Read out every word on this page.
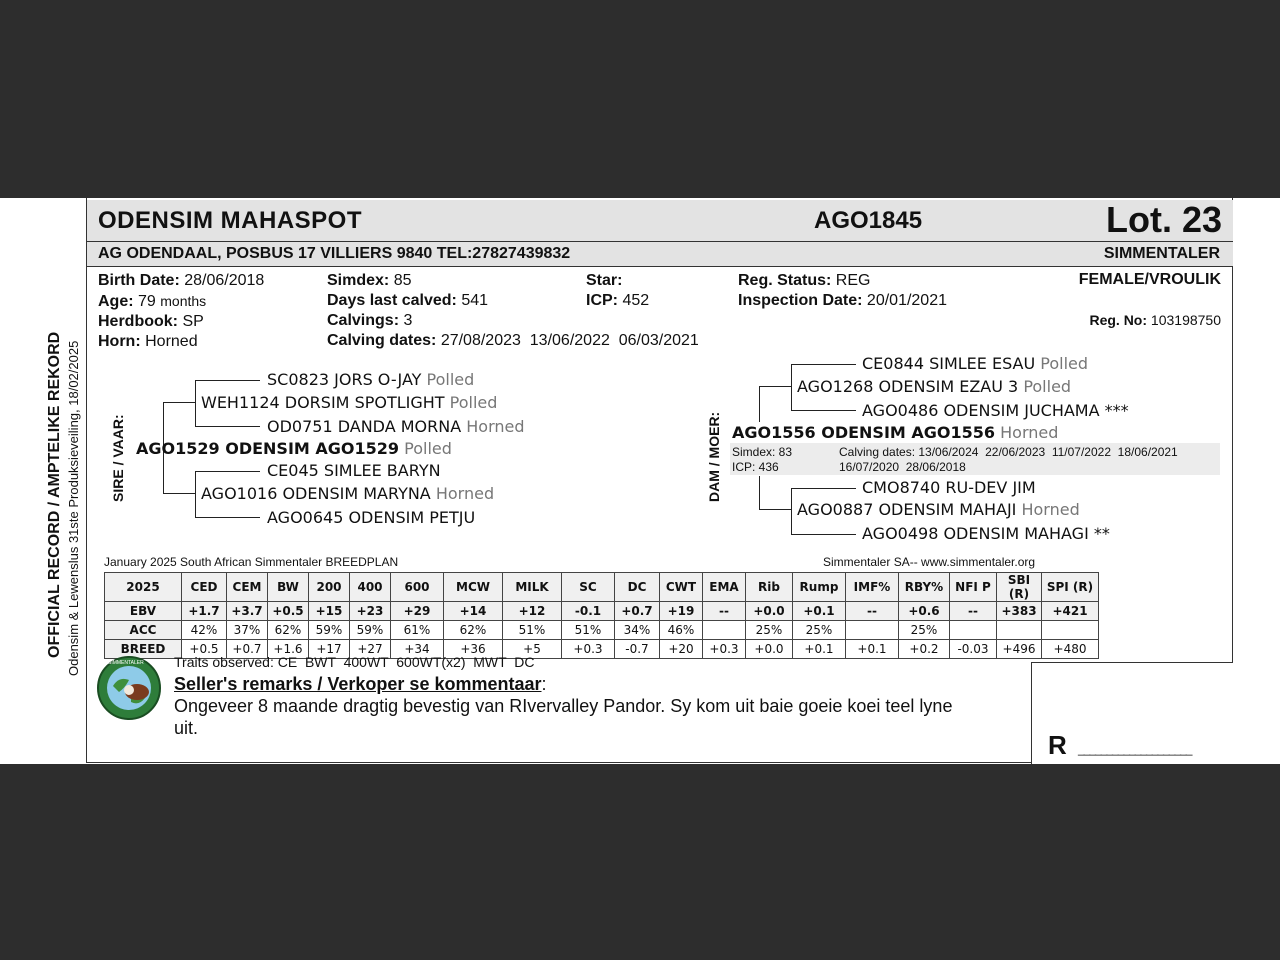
OFFICIAL RECORD / AMPTELIKE REKORD Odensim & Lewenslus 31ste Produksieveiling, 18/02/2025
ODENSIM MAHASPOT	AGO1845	Lot. 23
AG ODENDAAL, POSBUS 17 VILLIERS 9840 TEL:27827439832	SIMMENTALER
Birth Date: 28/06/2018
Age: 79 months
Herdbook: SP
Horn: Horned
Simdex: 85
Days last calved: 541
Calvings: 3
Calving dates: 27/08/2023  13/06/2022  06/03/2021
Star:
ICP: 452
Reg. Status: REG
Inspection Date: 20/01/2021
FEMALE/VROULIK
Reg. No: 103198750
SIRE / VAAR:
SC0823 JORS O-JAY Polled
WEH1124 DORSIM SPOTLIGHT Polled
OD0751 DANDA MORNA Horned
AGO1529 ODENSIM AGO1529 Polled
CE045 SIMLEE BARYN
AGO1016 ODENSIM MARYNA Horned
AGO0645 ODENSIM PETJU
DAM / MOER:
CE0844 SIMLEE ESAU Polled
AGO1268 ODENSIM EZAU 3 Polled
AGO0486 ODENSIM JUCHAMA ***
AGO1556 ODENSIM AGO1556 Horned
Simdex: 83
ICP: 436
Calving dates: 13/06/2024  22/06/2023  11/07/2022  18/06/2021
16/07/2020  28/06/2018
CMO8740 RU-DEV JIM
AGO0887 ODENSIM MAHAJI Horned
AGO0498 ODENSIM MAHAGI **
January 2025 South African Simmentaler BREEDPLAN	Simmentaler SA-- www.simmentaler.org
2025	CED	CEM	BW	200	400	600	MCW	MILK	SC	DC	CWT	EMA	Rib	Rump	IMF%	RBY%	NFI P	SBI (R)	SPI (R)
EBV	+1.7	+3.7	+0.5	+15	+23	+29	+14	+12	-0.1	+0.7	+19	--	+0.0	+0.1	--	+0.6	--	+383	+421
ACC	42%	37%	62%	59%	59%	61%	62%	51%	51%	34%	46%		25%	25%		25%			
BREED	+0.5	+0.7	+1.6	+17	+27	+34	+36	+5	+0.3	-0.7	+20	+0.3	+0.0	+0.1	+0.1	+0.2	-0.03	+496	+480
SIMMENTALER Traits observed: CE  BWT  400WT  600WT(x2)  MWT  DC
Seller's remarks / Verkoper se kommentaar:
Ongeveer 8 maande dragtig bevestig van RIvervalley Pandor. Sy kom uit baie goeie koei teel lyne
uit.
R ____________________
